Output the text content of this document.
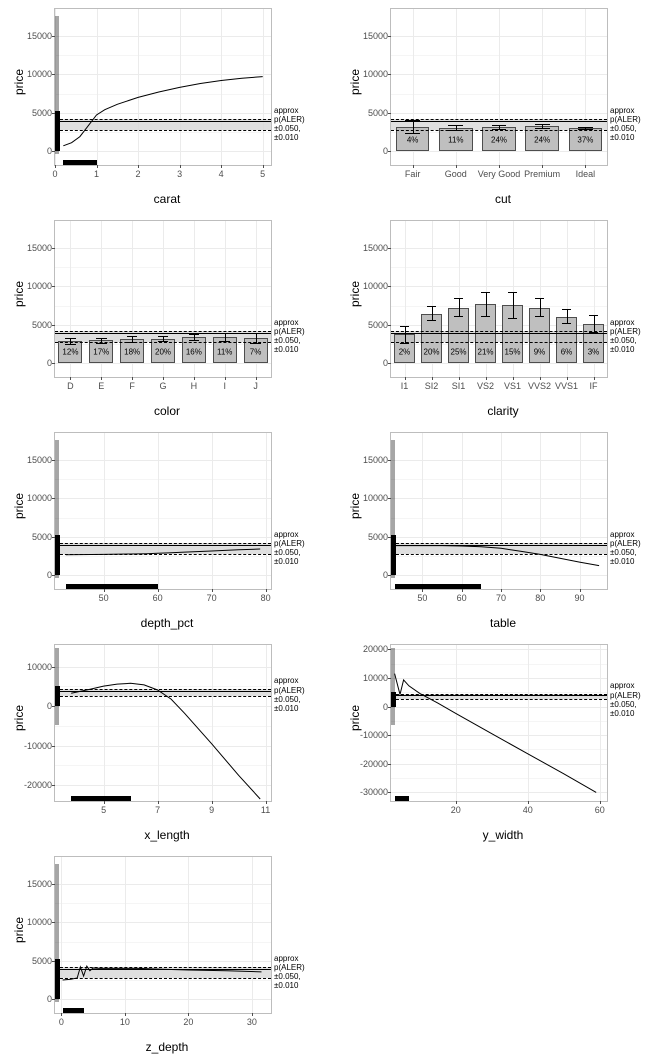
price
carat
0
5000
10000
15000
0	1	2	3	4	5
approx
p(ALER)
±0.050,
±0.010
price
cut
0
5000
10000
15000
Fair	Good Very Good Premium Ideal
4%	11%	24%	24%	37%
approx
p(ALER)
±0.050,
±0.010
price
color
0
5000
10000
15000
D	E	F	G	H	I	J
12% 17% 18% 20% 16% 11% 7%
approx
p(ALER)
±0.050,
±0.010
price
clarity
0
5000
10000
15000
I1 SI2 SI1 VS2 VS1 VVS2 VVS1 IF
2% 20% 25% 21% 15% 9% 6% 3%
approx
p(ALER)
±0.050,
±0.010
price
depth_pct
0
5000
10000
15000
50	60	70	80
approx
p(ALER)
±0.050,
±0.010
price
table
0
5000
10000
15000
50	60	70	80	90
approx
p(ALER)
±0.050,
±0.010
price
x_length
-20000
-10000
0
10000
5	7	9	11
approx
p(ALER)
±0.050,
±0.010	price
y_width
-30000
-20000
-10000
0
10000
20000
20	40	60
approx
p(ALER)
±0.050,
±0.010
price
z_depth
0
5000
10000
15000
0	10	20	30
approx
p(ALER)
±0.050,
±0.010
